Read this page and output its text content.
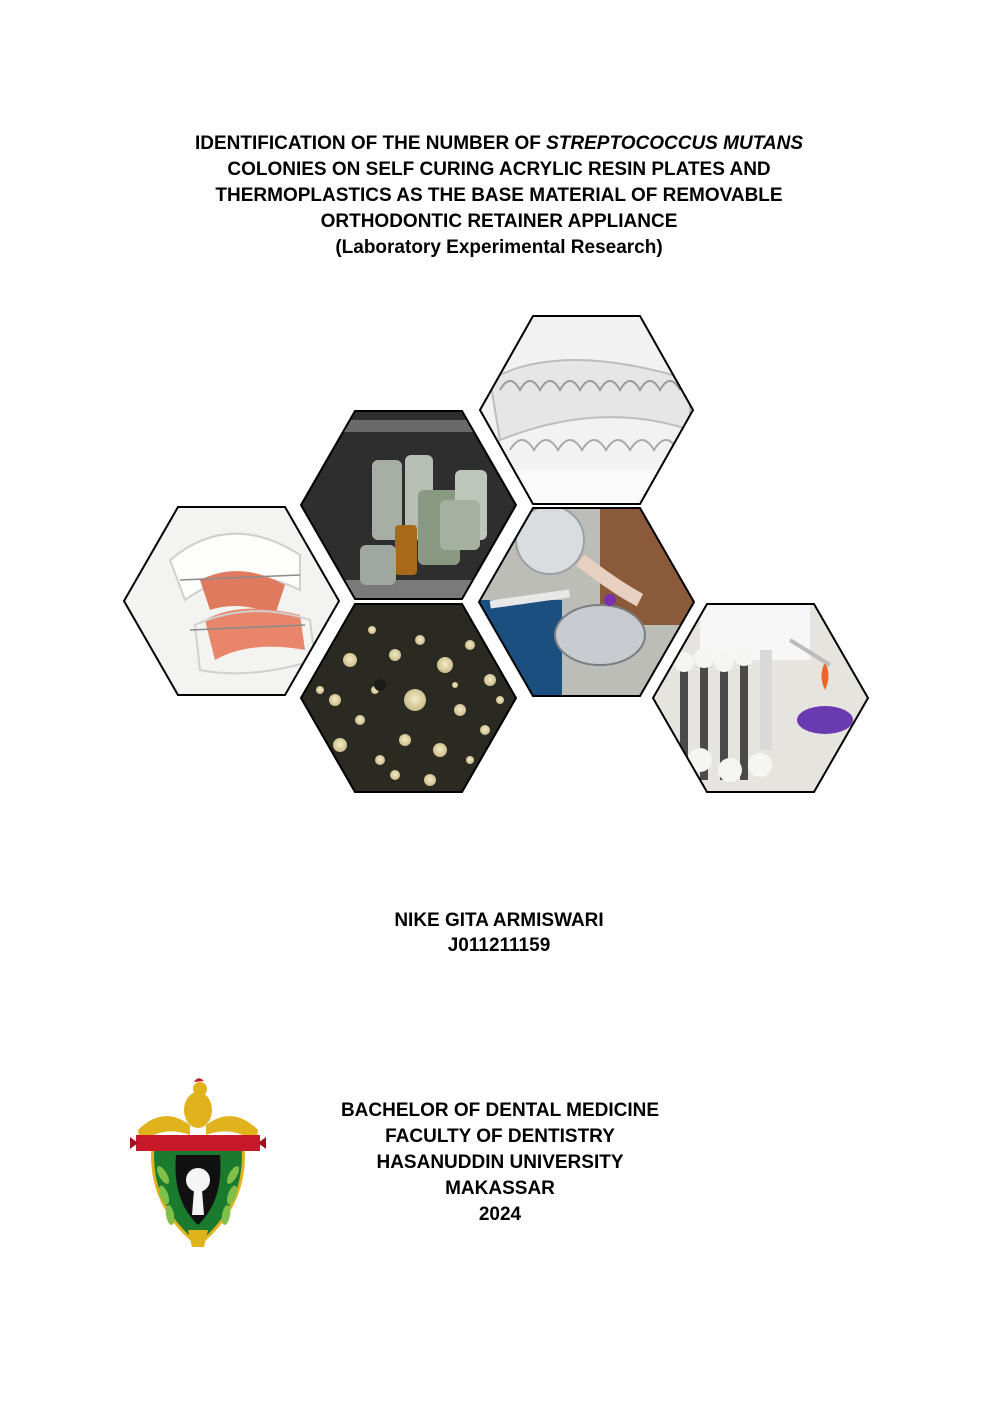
IDENTIFICATION OF THE NUMBER OF STREPTOCOCCUS MUTANS
COLONIES ON SELF CURING ACRYLIC RESIN PLATES AND
THERMOPLASTICS AS THE BASE MATERIAL OF REMOVABLE
ORTHODONTIC RETAINER APPLIANCE
(Laboratory Experimental Research)
NIKE GITA ARMISWARI
J011211159
BACHELOR OF DENTAL MEDICINE
FACULTY OF DENTISTRY
HASANUDDIN UNIVERSITY
MAKASSAR
2024
